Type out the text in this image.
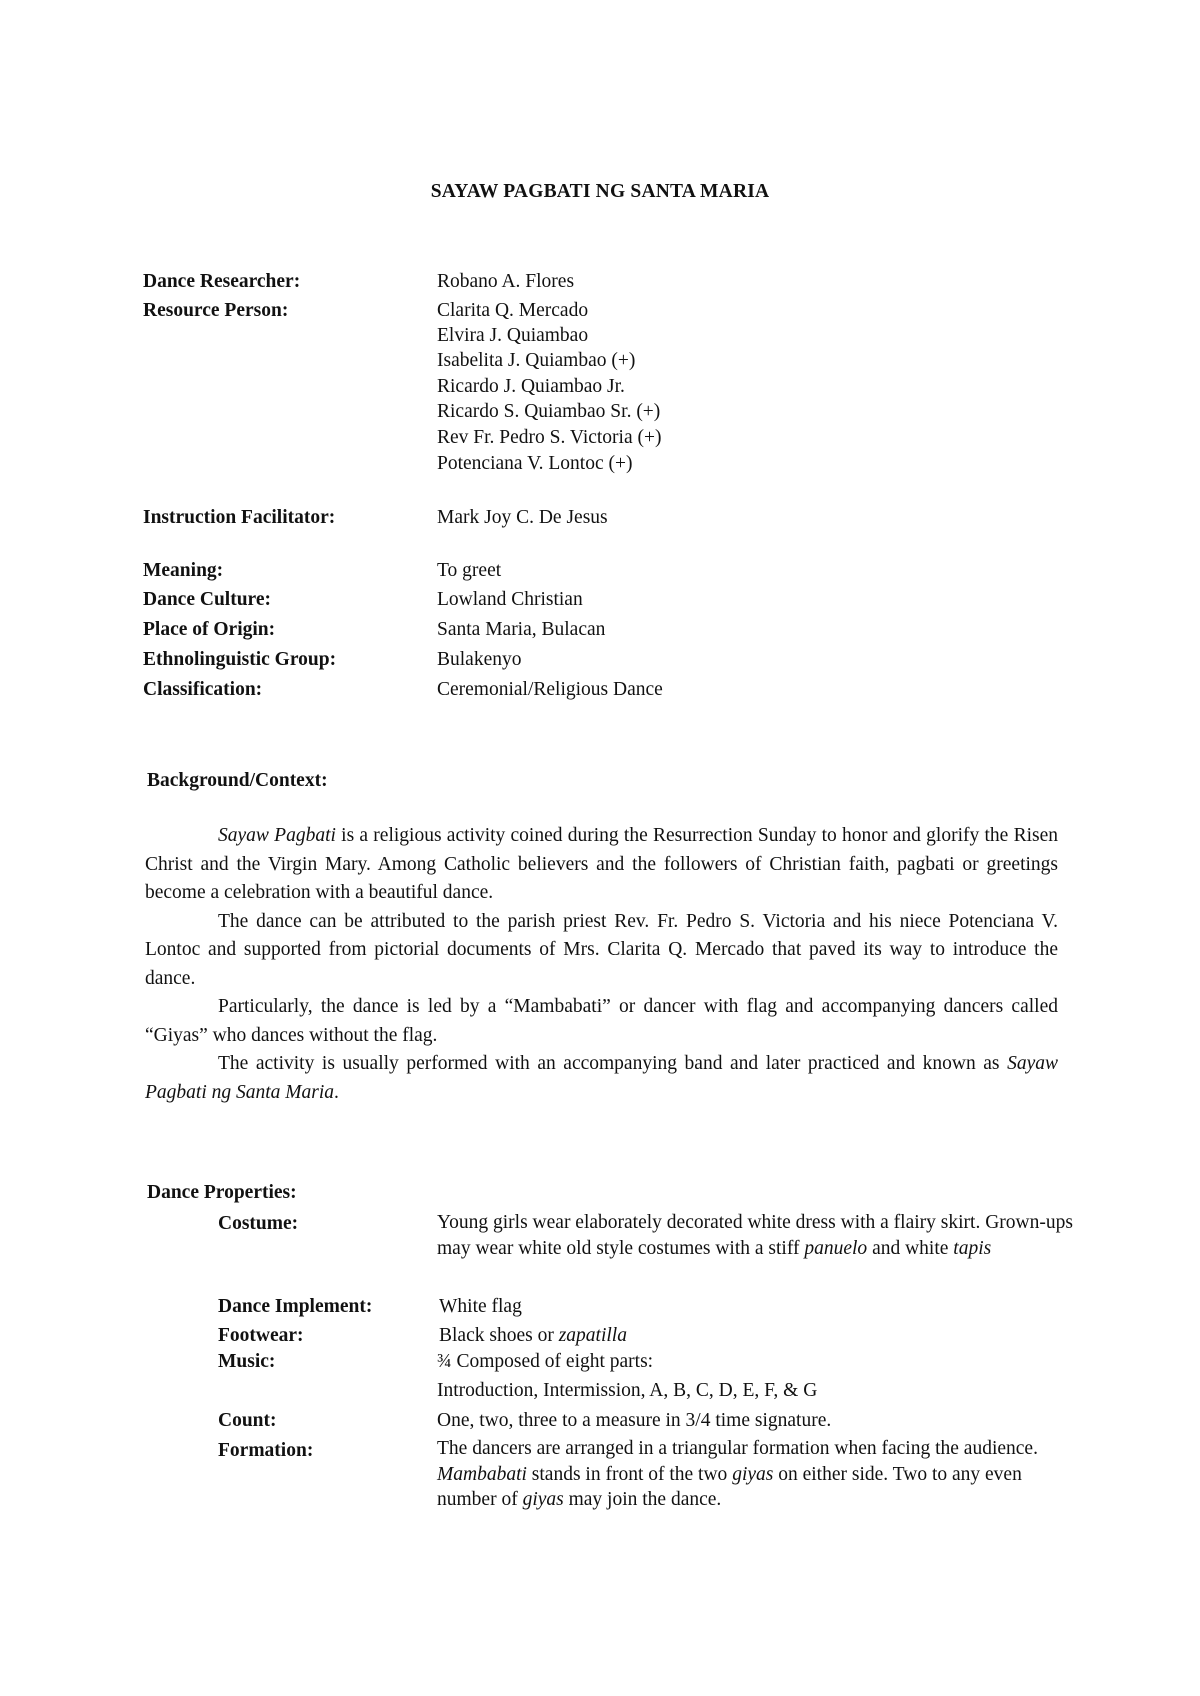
SAYAW PAGBATI NG SANTA MARIA
Dance Researcher:	Robano A. Flores
Resource Person:	Clarita Q. Mercado
Elvira J. Quiambao
Isabelita J. Quiambao (+)
Ricardo J. Quiambao Jr.
Ricardo S. Quiambao Sr. (+)
Rev Fr. Pedro S. Victoria (+)
Potenciana V. Lontoc (+)
Instruction Facilitator:	Mark Joy C. De Jesus
Meaning:	To greet
Dance Culture:	Lowland Christian
Place of Origin:	Santa Maria, Bulacan
Ethnolinguistic Group:	Bulakenyo
Classification:	Ceremonial/Religious Dance
Background/Context:

Sayaw Pagbati is a religious activity coined during the Resurrection Sunday to honor and glorify the Risen Christ and the Virgin Mary. Among Catholic believers and the followers of Christian faith, pagbati or greetings become a celebration with a beautiful dance.

The dance can be attributed to the parish priest Rev. Fr. Pedro S. Victoria and his niece Potenciana V. Lontoc and supported from pictorial documents of Mrs. Clarita Q. Mercado that paved its way to introduce the dance.

Particularly, the dance is led by a “Mambabati” or dancer with flag and accompanying dancers called “Giyas” who dances without the flag.

The activity is usually performed with an accompanying band and later practiced and known as Sayaw Pagbati ng Santa Maria.

Dance Properties:
Costume:	Young girls wear elaborately decorated white dress with a flairy skirt. Grown-ups may wear white old style costumes with a stiff panuelo and white tapis
Dance Implement:	White flag
Footwear:	Black shoes or zapatilla
Music:	¾ Composed of eight parts:
Introduction, Intermission, A, B, C, D, E, F, & G
Count:	One, two, three to a measure in 3/4 time signature.
Formation:	The dancers are arranged in a triangular formation when facing the audience. Mambabati stands in front of the two giyas on either side. Two to any even number of giyas may join the dance.
